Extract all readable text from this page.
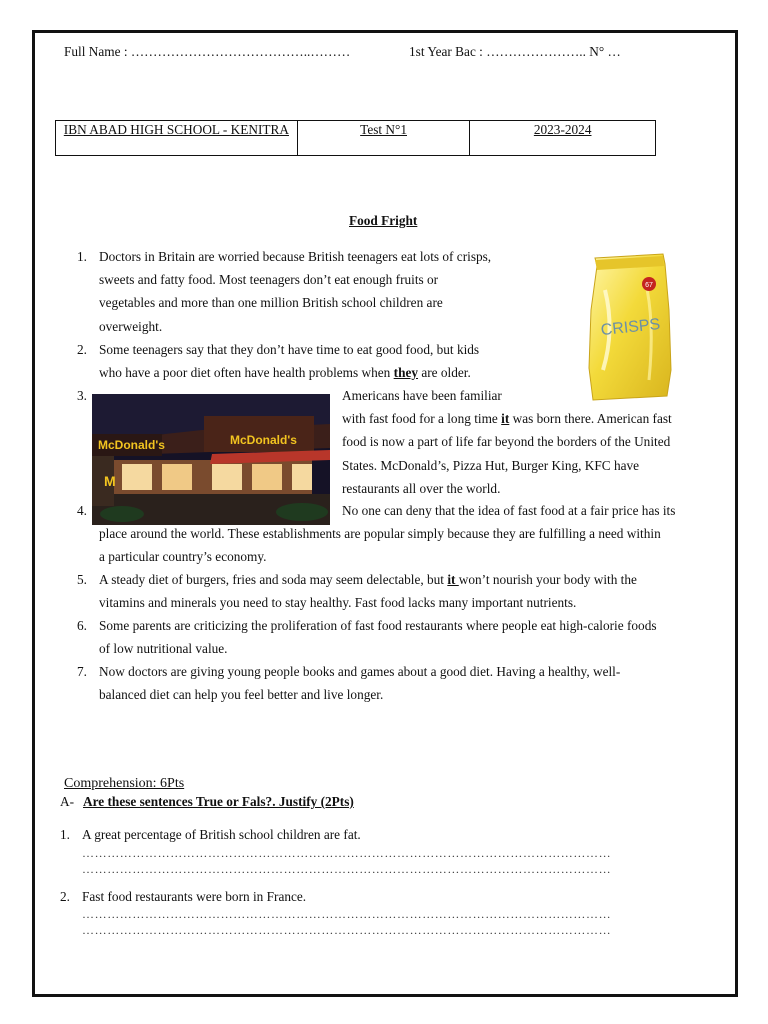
Full Name : …………………………………..………	1st Year Bac : ………………….. N° …
IBN ABAD HIGH SCHOOL - KENITRA	Test N°1	2023-2024
Food Fright
67
CRISPS
McDonald's	McDonald's
M
1.
2.
3.
4.
5.
6.
7.
Doctors in Britain are worried because British teenagers eat lots of crisps,
sweets and fatty food. Most teenagers don’t eat enough fruits or
vegetables and more than one million British school children are
overweight.
Some teenagers say that they don’t have time to eat good food, but kids
who have a poor diet often have health problems when they are older.
Americans have been familiar
with fast food for a long time it was born there. American fast
food is now a part of life far beyond the borders of the United
States. McDonald’s, Pizza Hut, Burger King, KFC have
restaurants all over the world.
No one can deny that the idea of fast food at a fair price has its
place around the world. These establishments are popular simply because they are fulfilling a need within
a particular country’s economy.
A steady diet of burgers, fries and soda may seem delectable, but it won’t nourish your body with the
vitamins and minerals you need to stay healthy. Fast food lacks many important nutrients.
Some parents are criticizing the proliferation of fast food restaurants where people eat high-calorie foods
of low nutritional value.
Now doctors are giving young people books and games about a good diet. Having a healthy, well-
balanced diet can help you feel better and live longer.
Comprehension: 6Pts
A- Are these sentences True or Fals?. Justify (2Pts)
1. A great percentage of British school children are fat.
………………………………………………………………………………………………………………
………………………………………………………………………………………………………………
2. Fast food restaurants were born in France.
………………………………………………………………………………………………………………
………………………………………………………………………………………………………………
